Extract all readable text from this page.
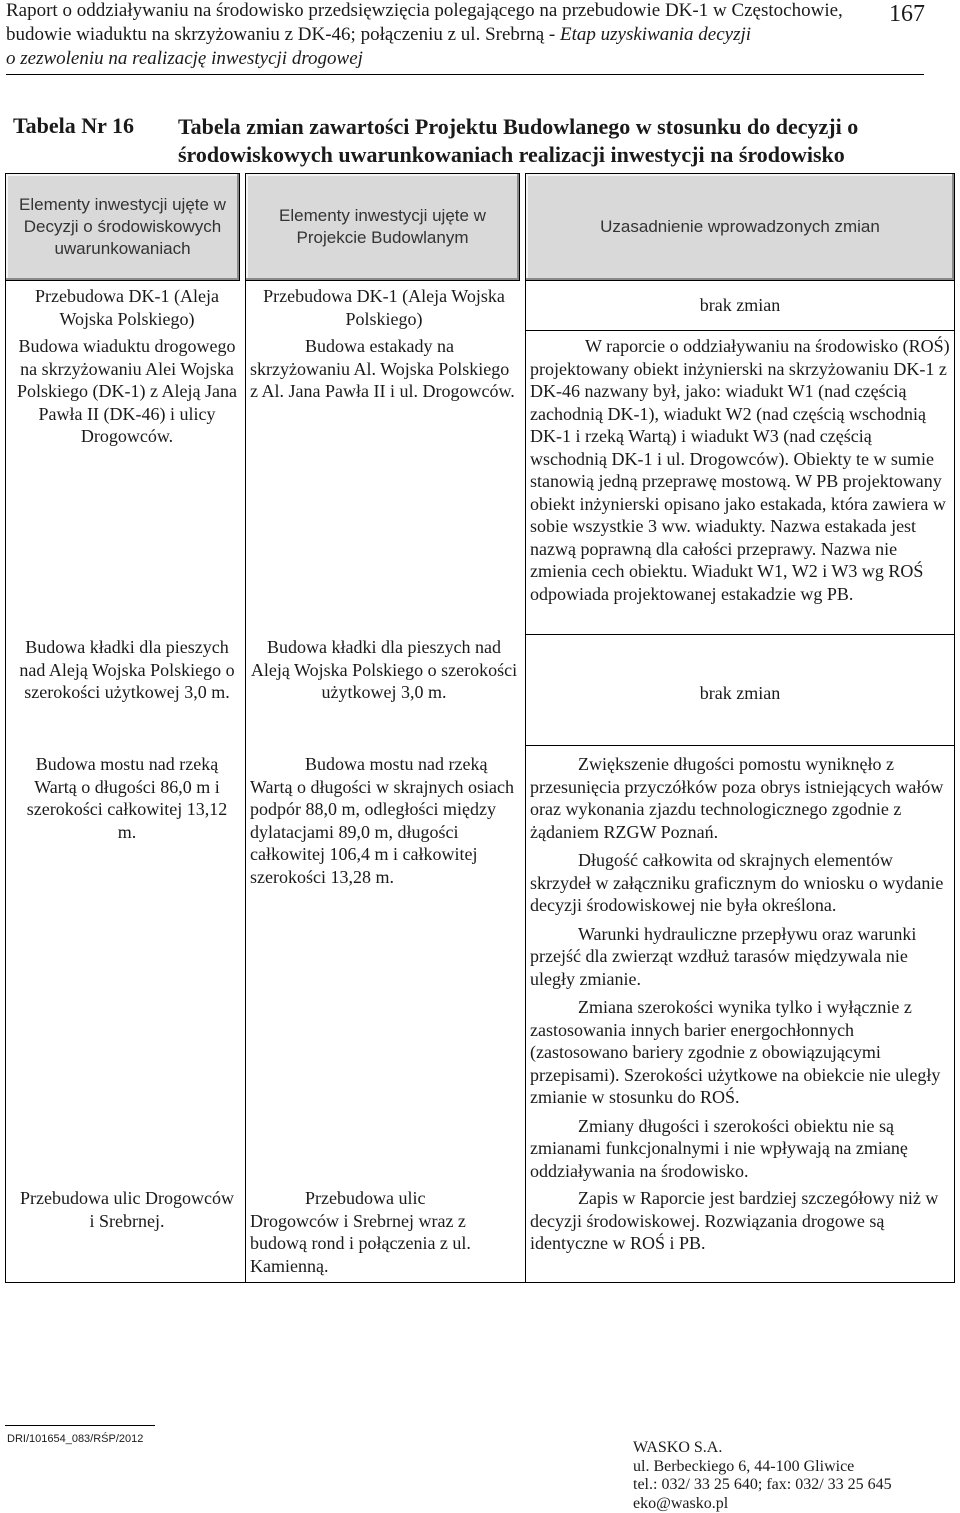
Raport o oddziaływaniu na środowisko przedsięwzięcia polegającego na przebudowie DK-1 w Częstochowie,
budowie wiaduktu na skrzyżowaniu z DK-46; połączeniu z ul. Srebrną - Etap uzyskiwania decyzji
o zezwoleniu na realizację inwestycji drogowej
167
Tabela Nr 16 Tabela zmian zawartości Projektu Budowlanego w stosunku do decyzji o środowiskowych uwarunkowaniach realizacji inwestycji na środowisko
Elementy inwestycji ujęte w Decyzji o środowiskowych uwarunkowaniach
Elementy inwestycji ujęte w Projekcie Budowlanym
Uzasadnienie wprowadzonych zmian
Przebudowa DK-1 (Aleja Wojska Polskiego)
Przebudowa DK-1 (Aleja Wojska Polskiego)
brak zmian
Budowa wiaduktu drogowego na skrzyżowaniu Alei Wojska Polskiego (DK-1) z Aleją Jana Pawła II (DK-46) i ulicy Drogowców.

Budowa estakady na skrzyżowaniu Al. Wojska Polskiego z Al. Jana Pawła II i ul. Drogowców.

W raporcie o oddziaływaniu na środowisko (ROŚ) projektowany obiekt inżynierski na skrzyżowaniu DK-1 z DK-46 nazwany był, jako: wiadukt W1 (nad częścią zachodnią DK-1), wiadukt W2 (nad częścią wschodnią DK-1 i rzeką Wartą) i wiadukt W3 (nad częścią wschodnią DK-1 i ul. Drogowców). Obiekty te w sumie stanowią jedną przeprawę mostową. W PB projektowany obiekt inżynierski opisano jako estakada, która zawiera w sobie wszystkie 3 ww. wiadukty. Nazwa estakada jest nazwą poprawną dla całości przeprawy. Nazwa nie zmienia cech obiektu. Wiadukt W1, W2 i W3 wg ROŚ odpowiada projektowanej estakadzie wg PB.

Budowa kładki dla pieszych nad Aleją Wojska Polskiego o szerokości użytkowej 3,0 m.
Budowa kładki dla pieszych nad Aleją Wojska Polskiego o szerokości użytkowej 3,0 m.	brak zmian
Budowa mostu nad rzeką Wartą o długości 86,0 m i szerokości całkowitej 13,12 m.

Budowa mostu nad rzeką Wartą o długości w skrajnych osiach podpór 88,0 m, odległości między dylatacjami 89,0 m, długości całkowitej 106,4 m i całkowitej szerokości 13,28 m.

Zwiększenie długości pomostu wyniknęło z przesunięcia przyczółków poza obrys istniejących wałów oraz wykonania zjazdu technologicznego zgodnie z żądaniem RZGW Poznań.

Długość całkowita od skrajnych elementów skrzydeł w załączniku graficznym do wniosku o wydanie decyzji środowiskowej nie była określona.

Warunki hydrauliczne przepływu oraz warunki przejść dla zwierząt wzdłuż tarasów międzywala nie uległy zmianie.

Zmiana szerokości wynika tylko i wyłącznie z zastosowania innych barier energochłonnych (zastosowano bariery zgodnie z obowiązującymi przepisami). Szerokości użytkowe na obiekcie nie uległy zmianie w stosunku do ROŚ.

Zmiany długości i szerokości obiektu nie są zmianami funkcjonalnymi i nie wpływają na zmianę oddziaływania na środowisko.

Przebudowa ulic Drogowców i Srebrnej.

Przebudowa ulic Drogowców i Srebrnej wraz z budową rond i połączenia z ul. Kamienną.

Zapis w Raporcie jest bardziej szczegółowy niż w decyzji środowiskowej. Rozwiązania drogowe są identyczne w ROŚ i PB.

DRI/101654_083/RŚP/2012	WASKO S.A.
ul. Berbeckiego 6, 44-100 Gliwice
tel.: 032/ 33 25 640; fax: 032/ 33 25 645
eko@wasko.pl
